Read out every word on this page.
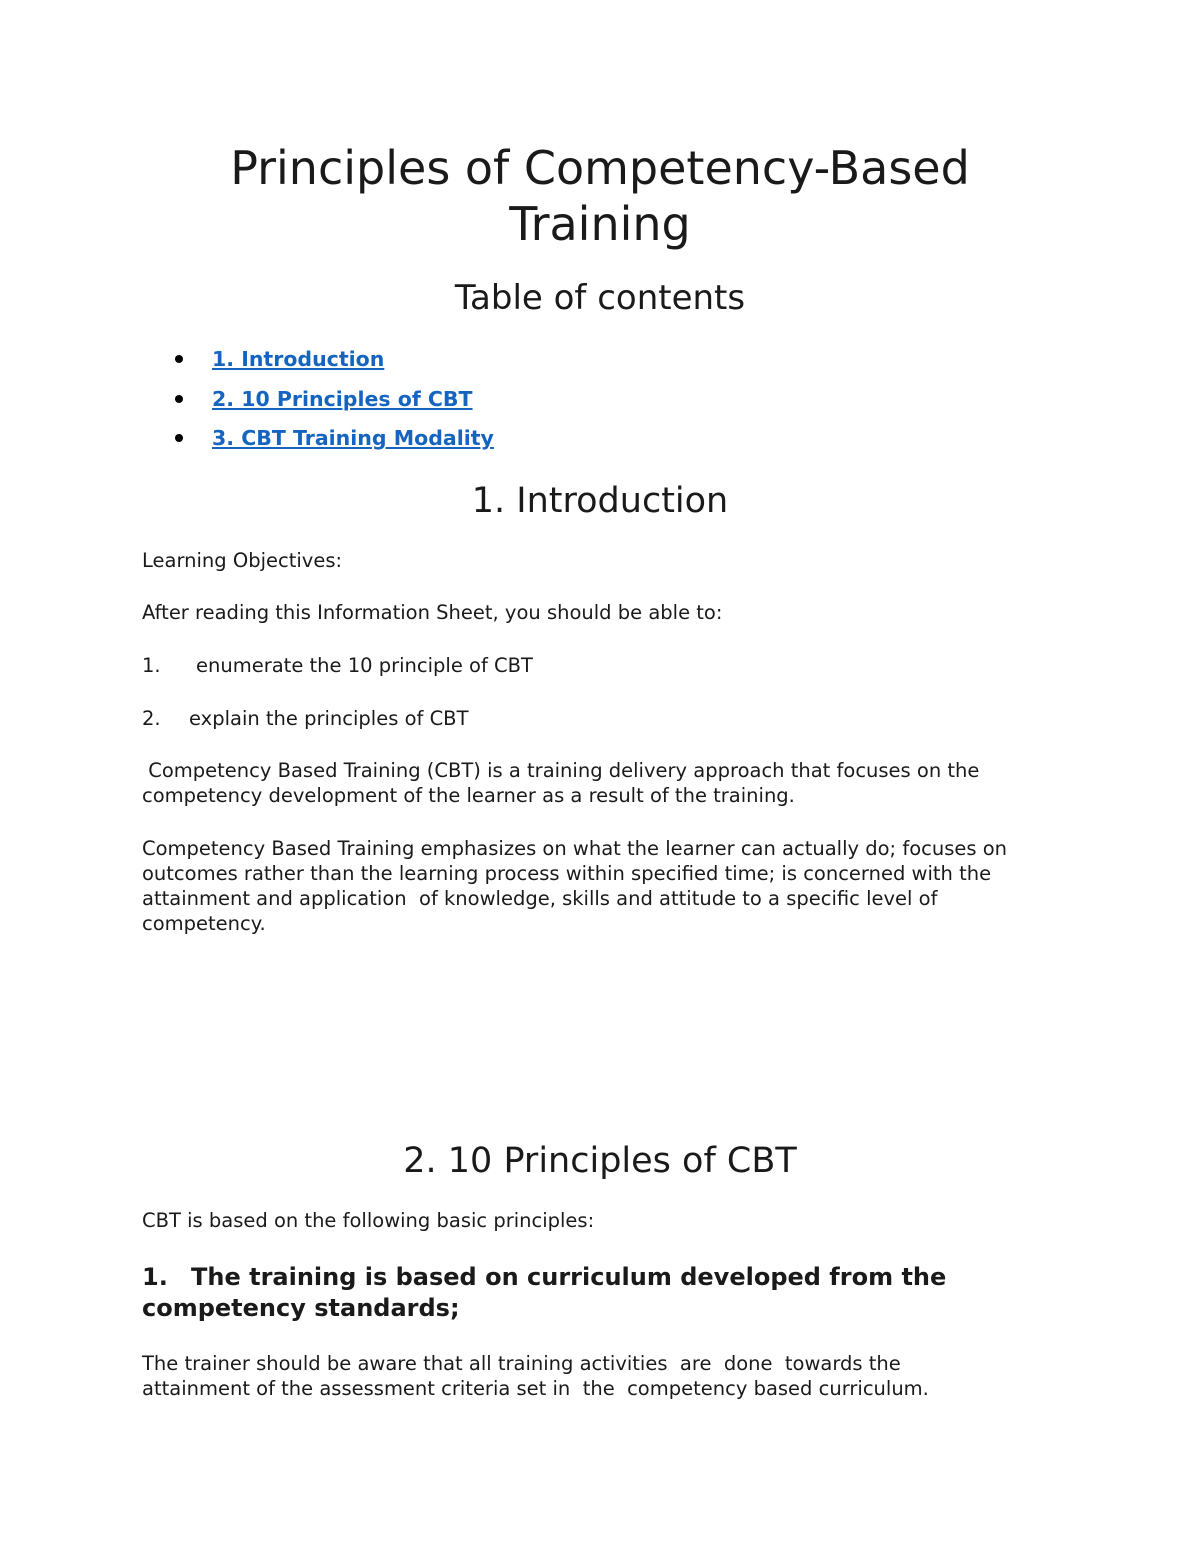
Principles of Competency-Based
Training
Table of contents
1. Introduction
2. 10 Principles of CBT
3. CBT Training Modality
1. Introduction

Learning Objectives:

After reading this Information Sheet, you should be able to:

1. enumerate the 10 principle of CBT
2. explain the principles of CBT

Competency Based Training (CBT) is a training delivery approach that focuses on the competency development of the learner as a result of the training.

Competency Based Training emphasizes on what the learner can actually do; focuses on outcomes rather than the learning process within specified time; is concerned with the attainment and application  of knowledge, skills and attitude to a specific level of competency.

2. 10 Principles of CBT

CBT is based on the following basic principles:

1. The training is based on curriculum developed from the competency standards;

The trainer should be aware that all training activities  are  done  towards the attainment of the assessment criteria set in  the  competency based curriculum.
